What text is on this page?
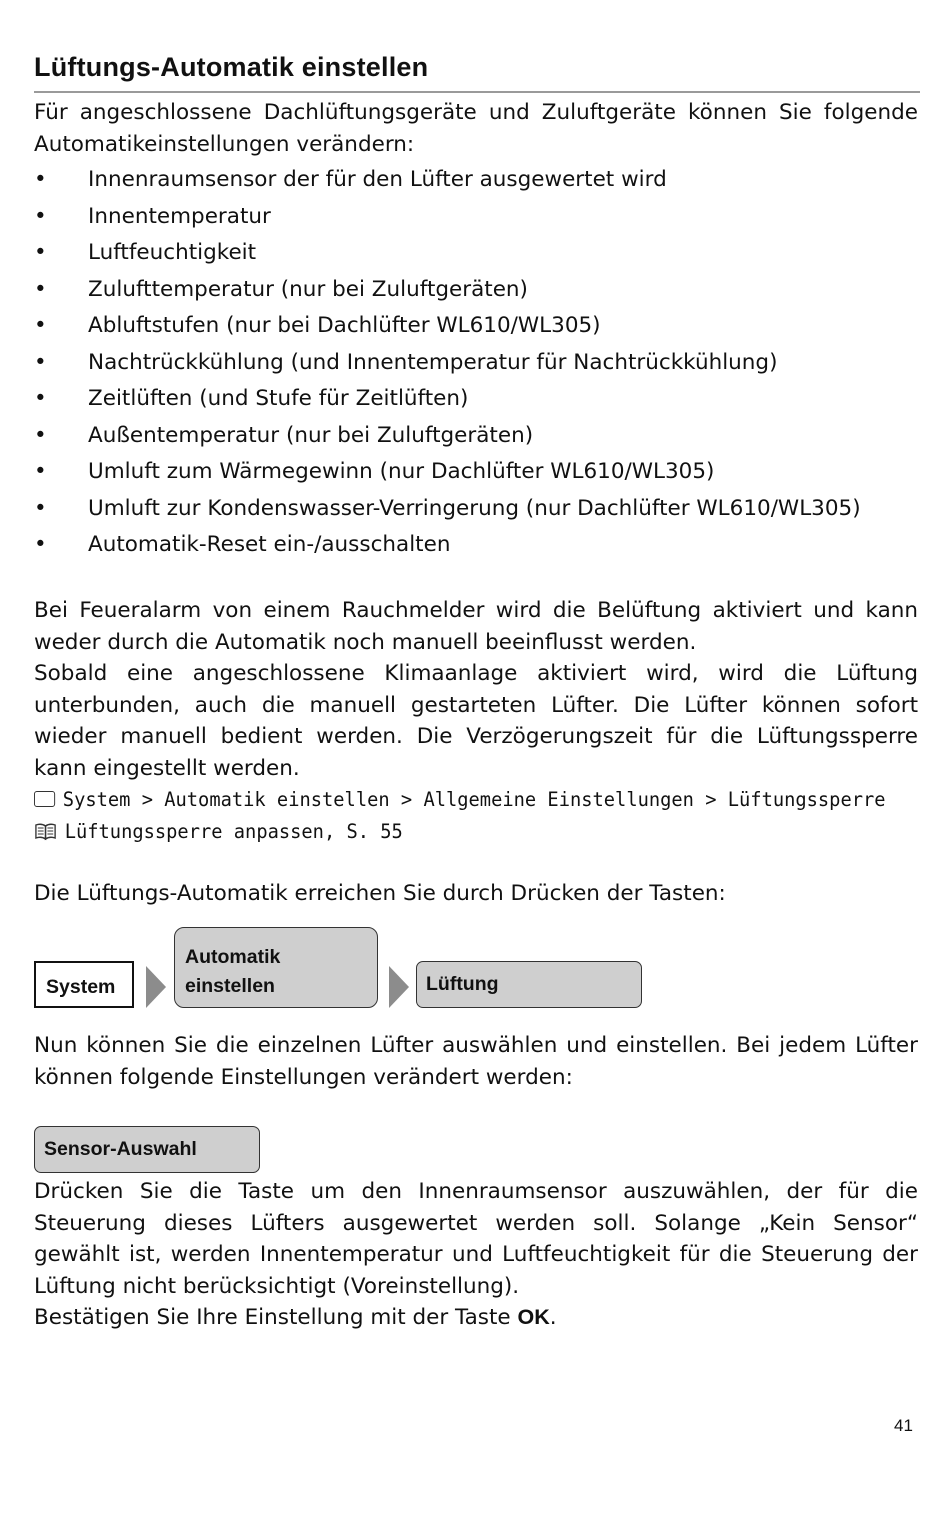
Lüftungs-Automatik einstellen
Für angeschlossene Dachlüftungsgeräte und Zuluftgeräte können Sie folgende Automatikeinstellungen verändern:
• Innenraumsensor der für den Lüfter ausgewertet wird
• Innentemperatur
• Luftfeuchtigkeit
• Zulufttemperatur (nur bei Zuluftgeräten)
• Abluftstufen (nur bei Dachlüfter WL610/WL305)
• Nachtrückkühlung (und Innentemperatur für Nachtrückkühlung)
• Zeitlüften (und Stufe für Zeitlüften)
• Außentemperatur (nur bei Zuluftgeräten)
• Umluft zum Wärmegewinn (nur Dachlüfter WL610/WL305)
• Umluft zur Kondenswasser-Verringerung (nur Dachlüfter WL610/WL305)
• Automatik-Reset ein-/ausschalten
Bei Feueralarm von einem Rauchmelder wird die Belüftung aktiviert und kann weder durch die Automatik noch manuell beeinflusst werden.
Sobald eine angeschlossene Klimaanlage aktiviert wird, wird die Lüftung unterbunden, auch die manuell gestarteten Lüfter. Die Lüfter können sofort wieder manuell bedient werden. Die Verzögerungszeit für die Lüftungssperre kann eingestellt werden.
System > Automatik einstellen > Allgemeine Einstellungen > Lüftungssperre
Lüftungssperre anpassen, S. 55
Die Lüftungs-Automatik erreichen Sie durch Drücken der Tasten:
System
Automatik
einstellen	Lüftung
Nun können Sie die einzelnen Lüfter auswählen und einstellen. Bei jedem Lüfter können folgende Einstellungen verändert werden:
Sensor-Auswahl
Drücken Sie die Taste um den Innenraumsensor auszuwählen, der für die Steuerung dieses Lüfters ausgewertet werden soll. Solange „Kein Sensor“ gewählt ist, werden Innentemperatur und Luftfeuchtigkeit für die Steuerung der Lüftung nicht berücksichtigt (Voreinstellung).
Bestätigen Sie Ihre Einstellung mit der Taste OK.
41
